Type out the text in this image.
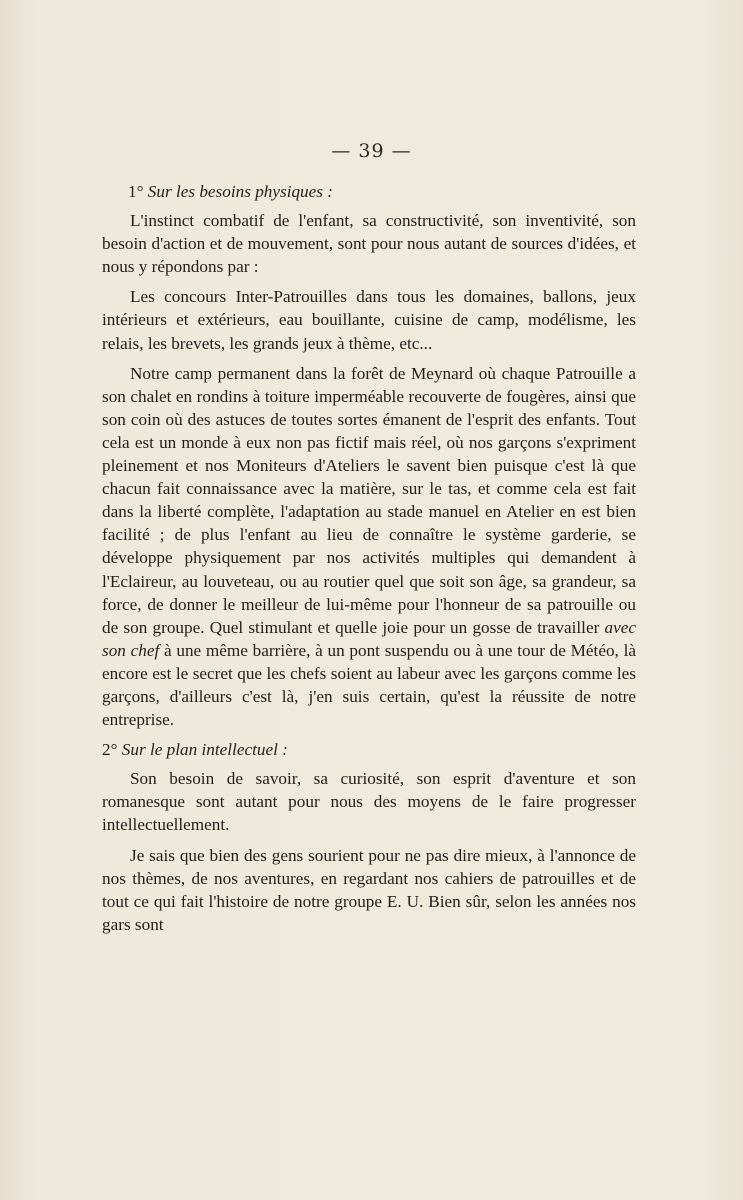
— 39 —

1° Sur les besoins physiques :

L'instinct combatif de l'enfant, sa constructivité, son inventivité, son besoin d'action et de mouvement, sont pour nous autant de sources d'idées, et nous y répondons par :

Les concours Inter-Patrouilles dans tous les domaines, ballons, jeux intérieurs et extérieurs, eau bouillante, cuisine de camp, modélisme, les relais, les brevets, les grands jeux à thème, etc...

Notre camp permanent dans la forêt de Meynard où chaque Patrouille a son chalet en rondins à toiture imperméable recouverte de fougères, ainsi que son coin où des astuces de toutes sortes émanent de l'esprit des enfants. Tout cela est un monde à eux non pas fictif mais réel, où nos garçons s'expriment pleinement et nos Moniteurs d'Ateliers le savent bien puisque c'est là que chacun fait connaissance avec la matière, sur le tas, et comme cela est fait dans la liberté complète, l'adaptation au stade manuel en Atelier en est bien facilité ; de plus l'enfant au lieu de connaître le système garderie, se développe physiquement par nos activités multiples qui demandent à l'Eclaireur, au louveteau, ou au routier quel que soit son âge, sa grandeur, sa force, de donner le meilleur de lui-même pour l'honneur de sa patrouille ou de son groupe. Quel stimulant et quelle joie pour un gosse de travailler avec son chef à une même barrière, à un pont suspendu ou à une tour de Météo, là encore est le secret que les chefs soient au labeur avec les garçons comme les garçons, d'ailleurs c'est là, j'en suis certain, qu'est la réussite de notre entreprise.

2° Sur le plan intellectuel :

Son besoin de savoir, sa curiosité, son esprit d'aventure et son romanesque sont autant pour nous des moyens de le faire progresser intellectuellement.

Je sais que bien des gens sourient pour ne pas dire mieux, à l'annonce de nos thèmes, de nos aventures, en regardant nos cahiers de patrouilles et de tout ce qui fait l'histoire de notre groupe E. U. Bien sûr, selon les années nos gars sont
